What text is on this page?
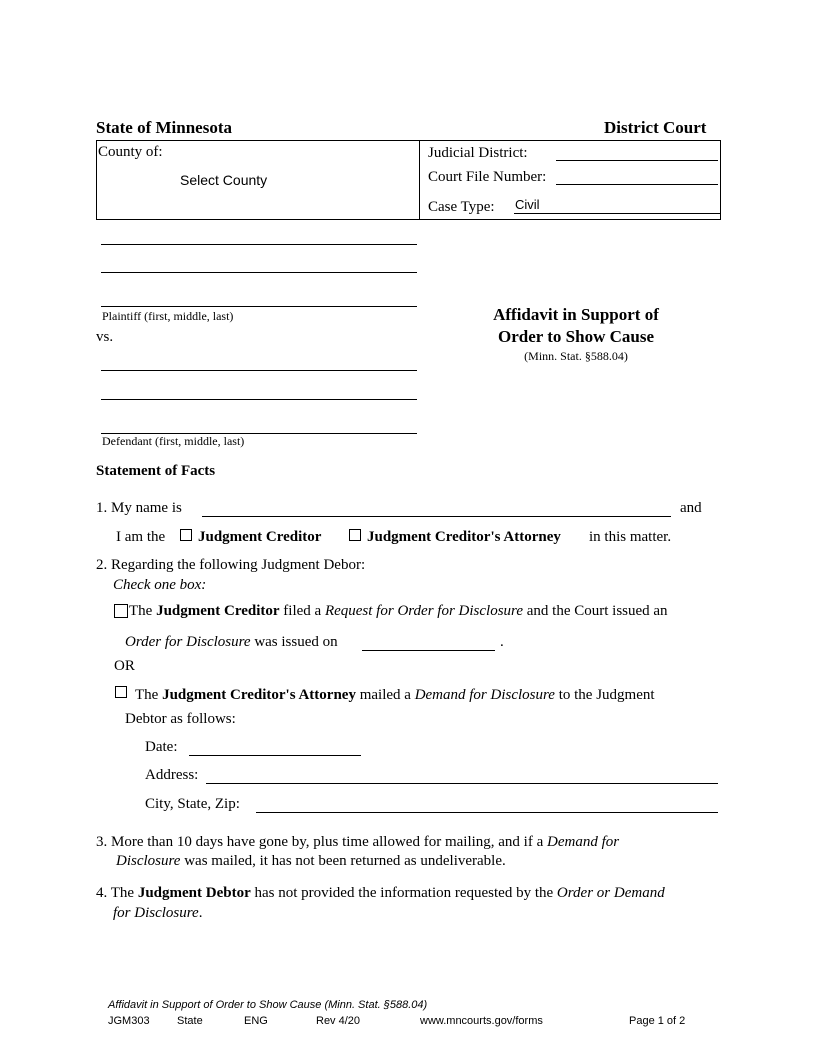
State of Minnesota	District Court
County of:
Select County
Judicial District:
Court File Number:
Case Type: Civil
Plaintiff (first, middle, last)
vs.
Defendant (first, middle, last)
Affidavit in Support of
Order to Show Cause
(Minn. Stat. §588.04)
Statement of Facts
1. My name is	and
I am the Judgment Creditor	Judgment Creditor's Attorney in this matter.
2. Regarding the following Judgment Debor:
Check one box:
The Judgment Creditor filed a Request for Order for Disclosure and the Court issued an
Order for Disclosure was issued on	.
OR
The Judgment Creditor's Attorney mailed a Demand for Disclosure to the Judgment
Debtor as follows:
Date:
Address:
City, State, Zip:
3. More than 10 days have gone by, plus time allowed for mailing, and if a Demand for
Disclosure was mailed, it has not been returned as undeliverable.
4. The Judgment Debtor has not provided the information requested by the Order or Demand
for Disclosure.
Affidavit in Support of Order to Show Cause (Minn. Stat. §588.04)
JGM303 State	ENG	Rev 4/20	www.mncourts.gov/forms	Page 1 of 2
